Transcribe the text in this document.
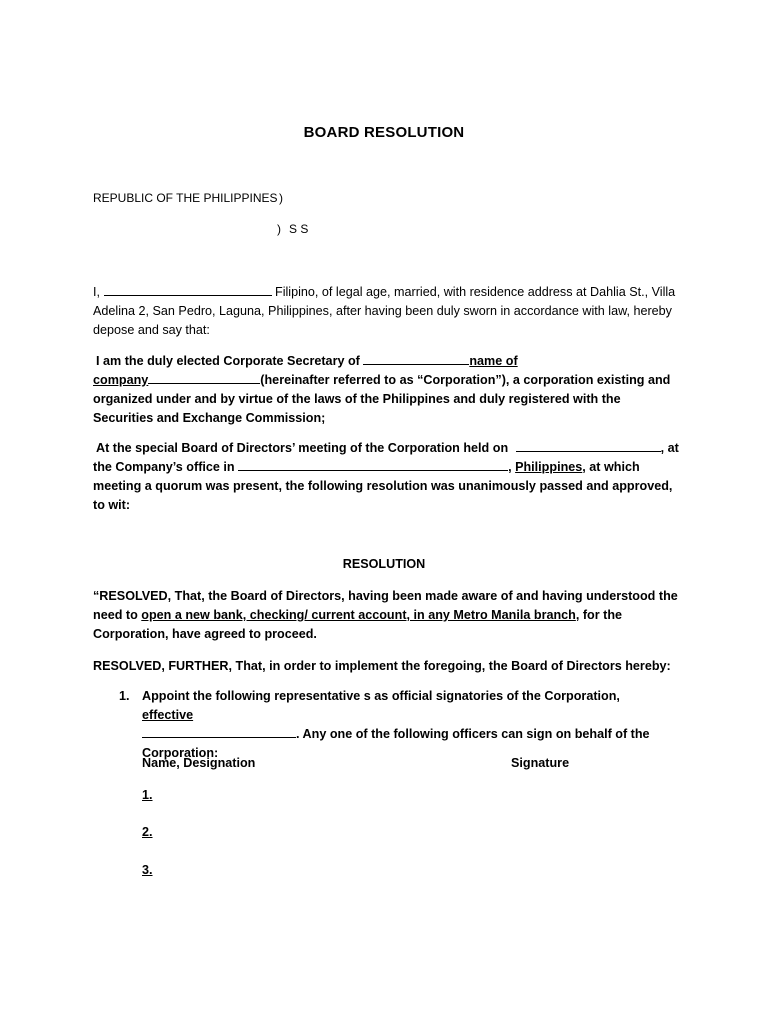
BOARD RESOLUTION
REPUBLIC OF THE PHILIPPINES )
) S S
I,	Filipino, of legal age, married, with residence address at Dahlia St., Villa Adelina 2, San Pedro, Laguna, Philippines, after having been duly sworn in accordance with law, hereby depose and say that:
I am the duly elected Corporate Secretary of	name of
company	(hereinafter referred to as “Corporation”), a corporation existing and organized under and by virtue of the laws of the Philippines and duly registered with the Securities and Exchange Commission;
At the special Board of Directors’ meeting of the Corporation held on	, at
the Company’s office in	, Philippines, at which meeting a quorum was present, the following resolution was unanimously passed and approved, to wit:
RESOLUTION
“RESOLVED, That, the Board of Directors, having been made aware of and having understood the need to open a new bank, checking/ current account, in any Metro Manila branch, for the Corporation, have agreed to proceed.
RESOLVED, FURTHER, That, in order to implement the foregoing, the Board of Directors hereby:
1. Appoint the following representative s as official signatories of the Corporation, effective
. Any one of the following officers can sign on behalf of the Corporation:
Name, Designation	Signature
1.
2.
3.
